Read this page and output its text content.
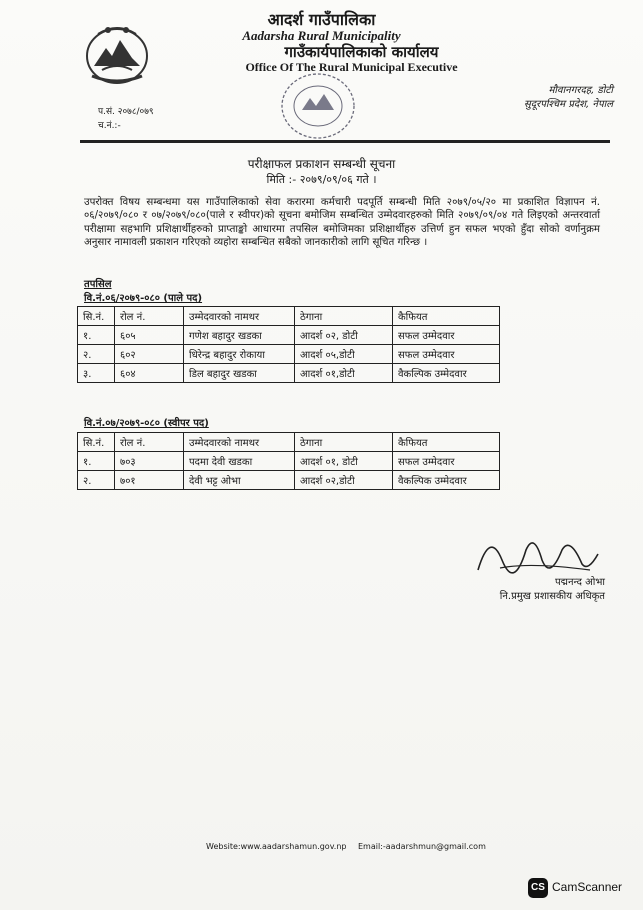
आदर्श गाउँपालिका
Aadarsha Rural Municipality
गाउँकार्यपालिकाको कार्यालय
Office Of The Rural Municipal Executive
मौवानगरदह, डोटी
सुदूरपश्चिम प्रदेश, नेपाल
प.सं. २०७८/०७९
च.नं.:-
परीक्षाफल प्रकाशन सम्बन्धी सूचना
मिति :- २०७९/०९/०६ गते ।
उपरोक्त विषय सम्बन्धमा यस गाउँपालिकाको सेवा करारमा कर्मचारी पदपूर्ति सम्बन्धी मिति २०७९/०५/२० मा प्रकाशित विज्ञापन नं. ०६/२०७९/०८० र ०७/२०७९/०८०(पाले र स्वीपर)को सूचना बमोजिम सम्बन्धित उम्मेदवारहरुको मिति २०७९/०९/०४ गते लिइएको अन्तरवार्ता परीक्षामा सहभागि प्रशिक्षार्थीहरुको प्राप्ताङ्को आधारमा तपसिल बमोजिमका प्रशिक्षार्थीहरु उत्तिर्ण हुन सफल भएको हुँदा सोको वर्णानुक्रम अनुसार नामावली प्रकाशन गरिएको व्यहोरा सम्बन्धित सबैको जानकारीको लागि सूचित गरिन्छ ।
तपसिल
वि.नं.०६/२०७९-०८० (पाले पद)
सि.नं.	रोल नं.	उम्मेदवारको नामथर	ठेगाना	कैफियत
१.	६०५	गणेश बहादुर खडका	आदर्श ०२, डोटी	सफल उम्मेदवार
२.	६०२	धिरेन्द्र बहादुर रोकाया	आदर्श ०५,डोटी	सफल उम्मेदवार
३.	६०४	डिल बहादुर खडका	आदर्श ०१,डोटी	वैकल्पिक उम्मेदवार
वि.नं.०७/२०७९-०८० (स्वीपर पद)
सि.नं.	रोल नं.	उम्मेदवारको नामथर	ठेगाना	कैफियत
१.	७०३	पदमा देवी खडका	आदर्श ०१, डोटी	सफल उम्मेदवार
२.	७०१	देवी भट्ट ओभा	आदर्श ०२,डोटी	वैकल्पिक उम्मेदवार
पद्मनन्द ओभा
नि.प्रमुख प्रशासकीय अधिकृत
Website:www.aadarshamun.gov.np Email:-aadarshmun@gmail.com
CS CamScanner
